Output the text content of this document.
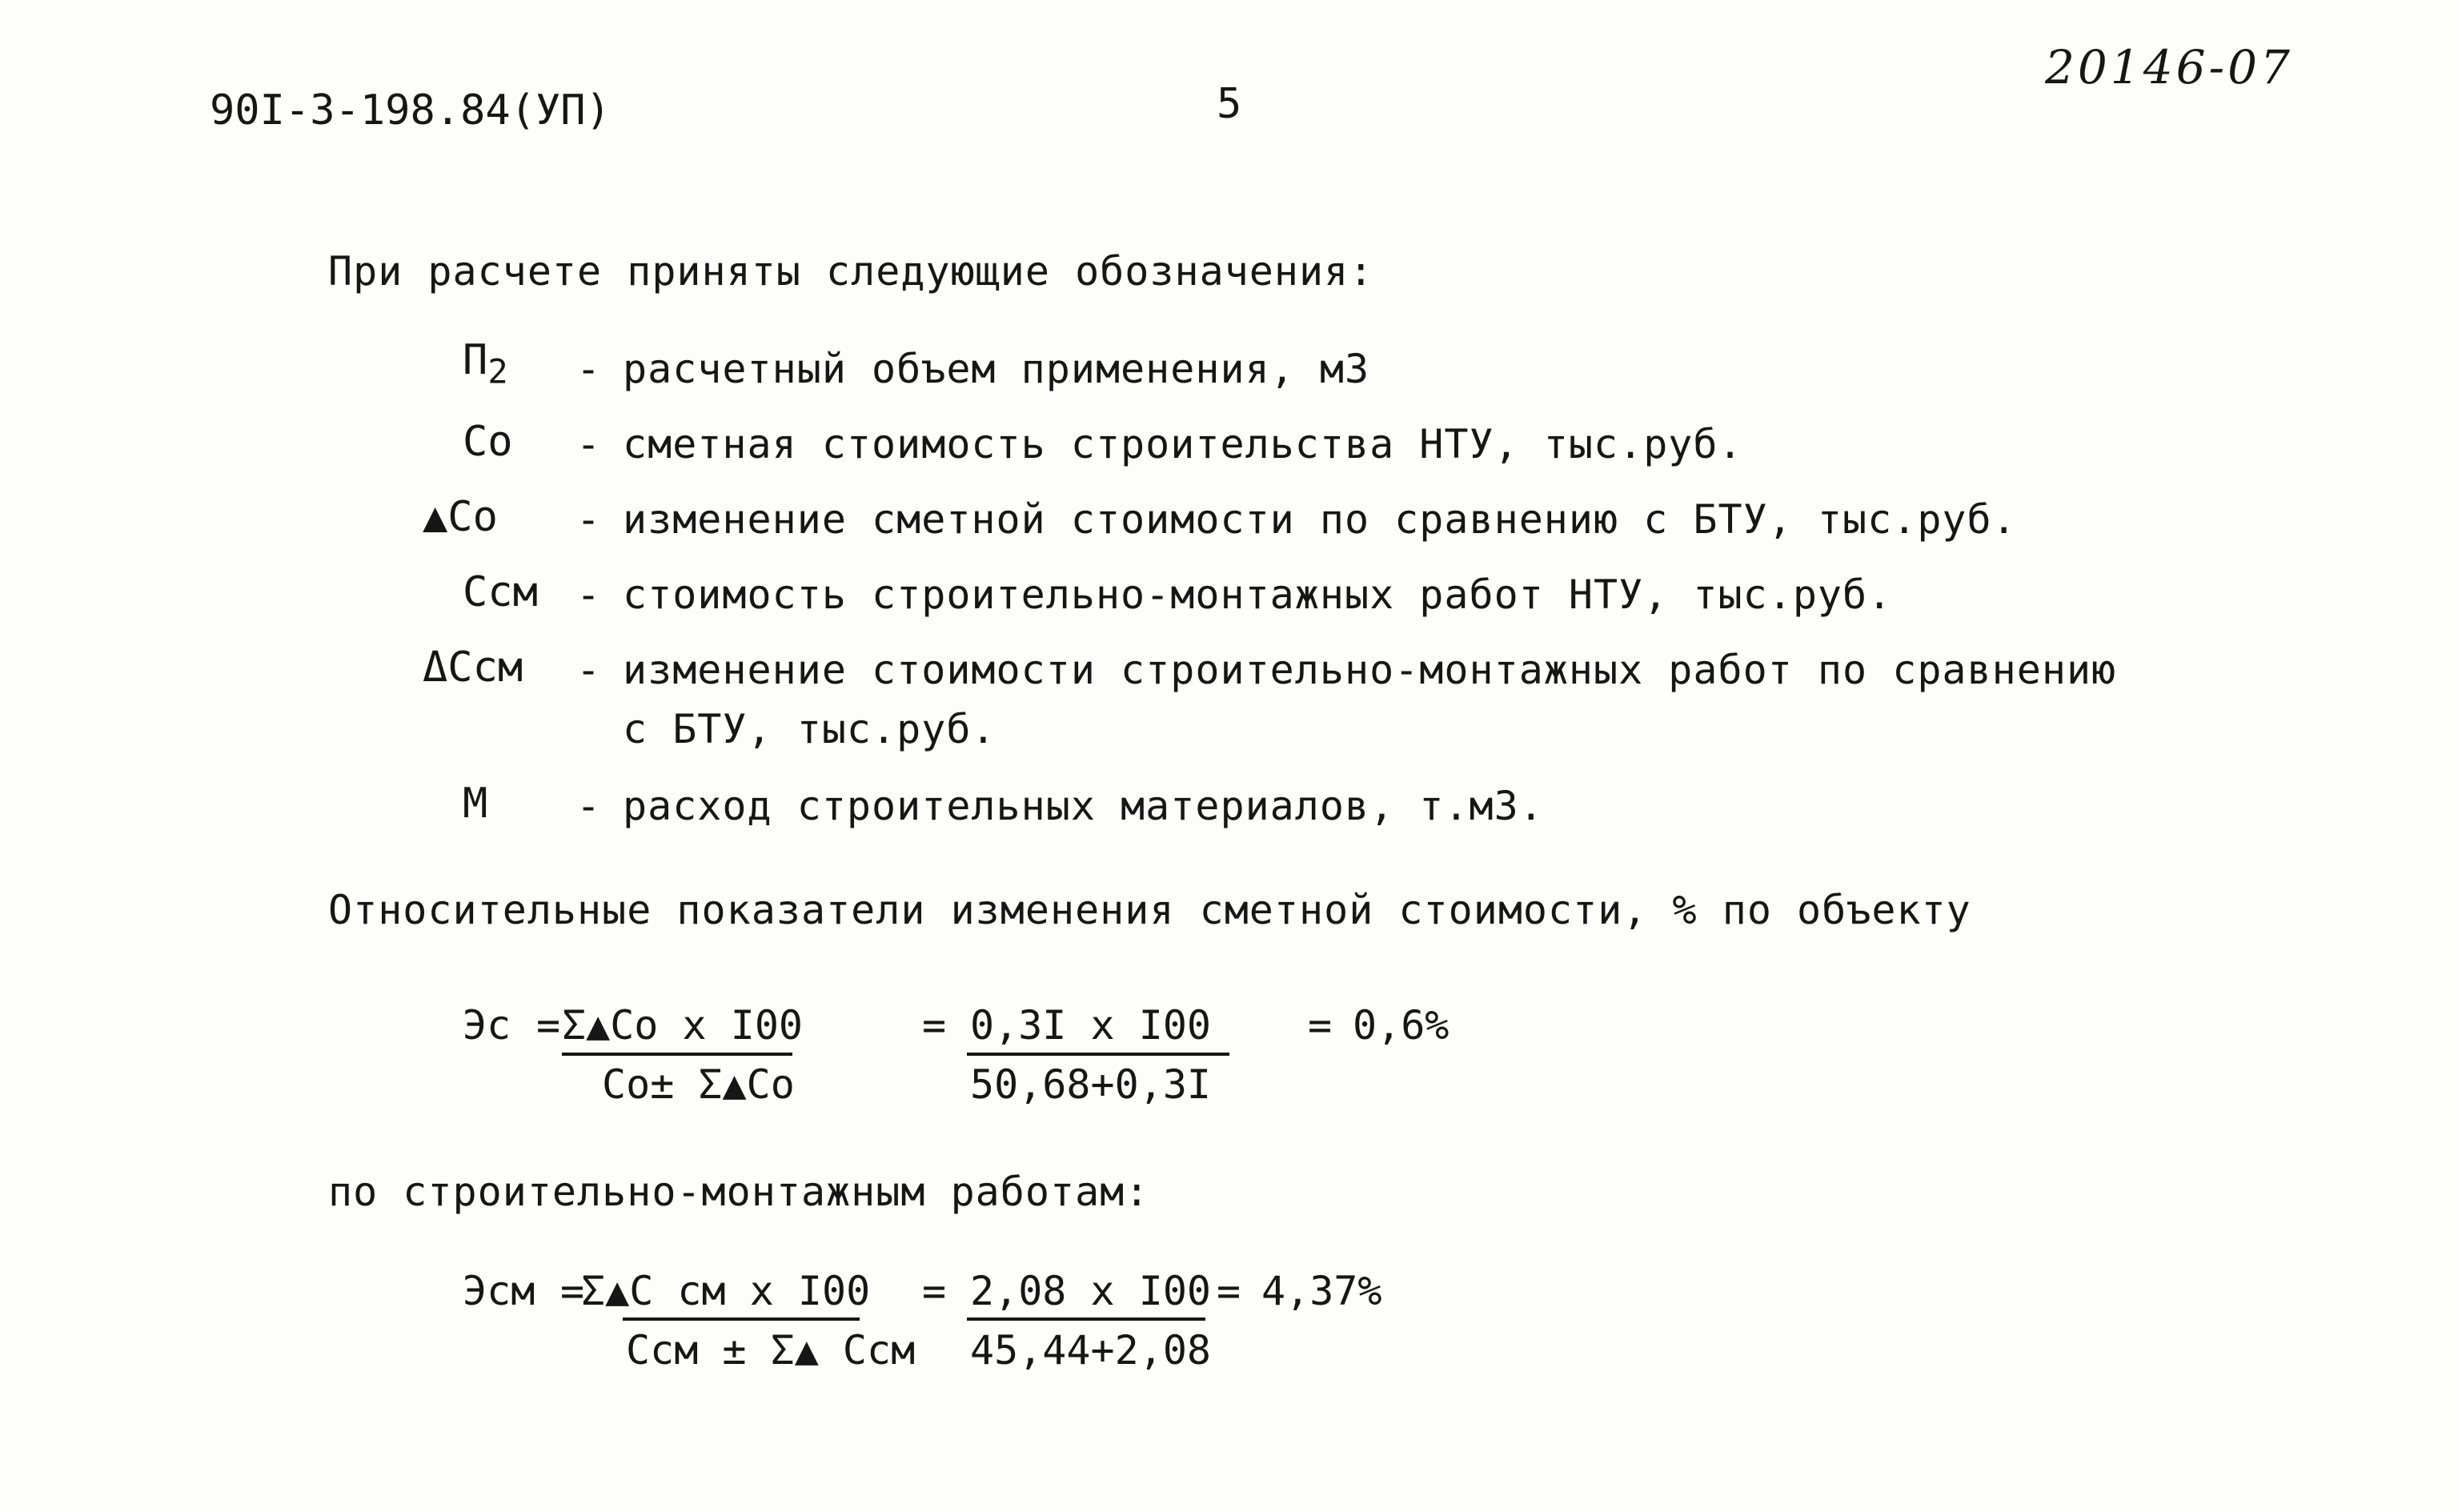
90I-3-198.84(УП)	5
20146-07
При расчете приняты следующие обозначения:
$П_2$ - расчетный объем применения, м3
Со - сметная стоимость строительства НТУ, тыс.руб.
▲Со - изменение сметной стоимости по сравнению с БТУ, тыс.руб.
Ссм - стоимость строительно-монтажных работ НТУ, тыс.руб.
ΔСсм - изменение стоимости строительно-монтажных работ по сравнению
с БТУ, тыс.руб.
М - расход строительных материалов, т.м3.
Относительные показатели изменения сметной стоимости, % по объекту
Эс = Σ▲Со х I00
Со± Σ▲Со
= 0,3I х I00
50,68+0,3I
= 0,6%
по строительно-монтажным работам:
Эсм =
Σ▲С см х I00
Ссм ± Σ▲ Ссм
= 2,08 х I00
45,44+2,08
= 4,37%
